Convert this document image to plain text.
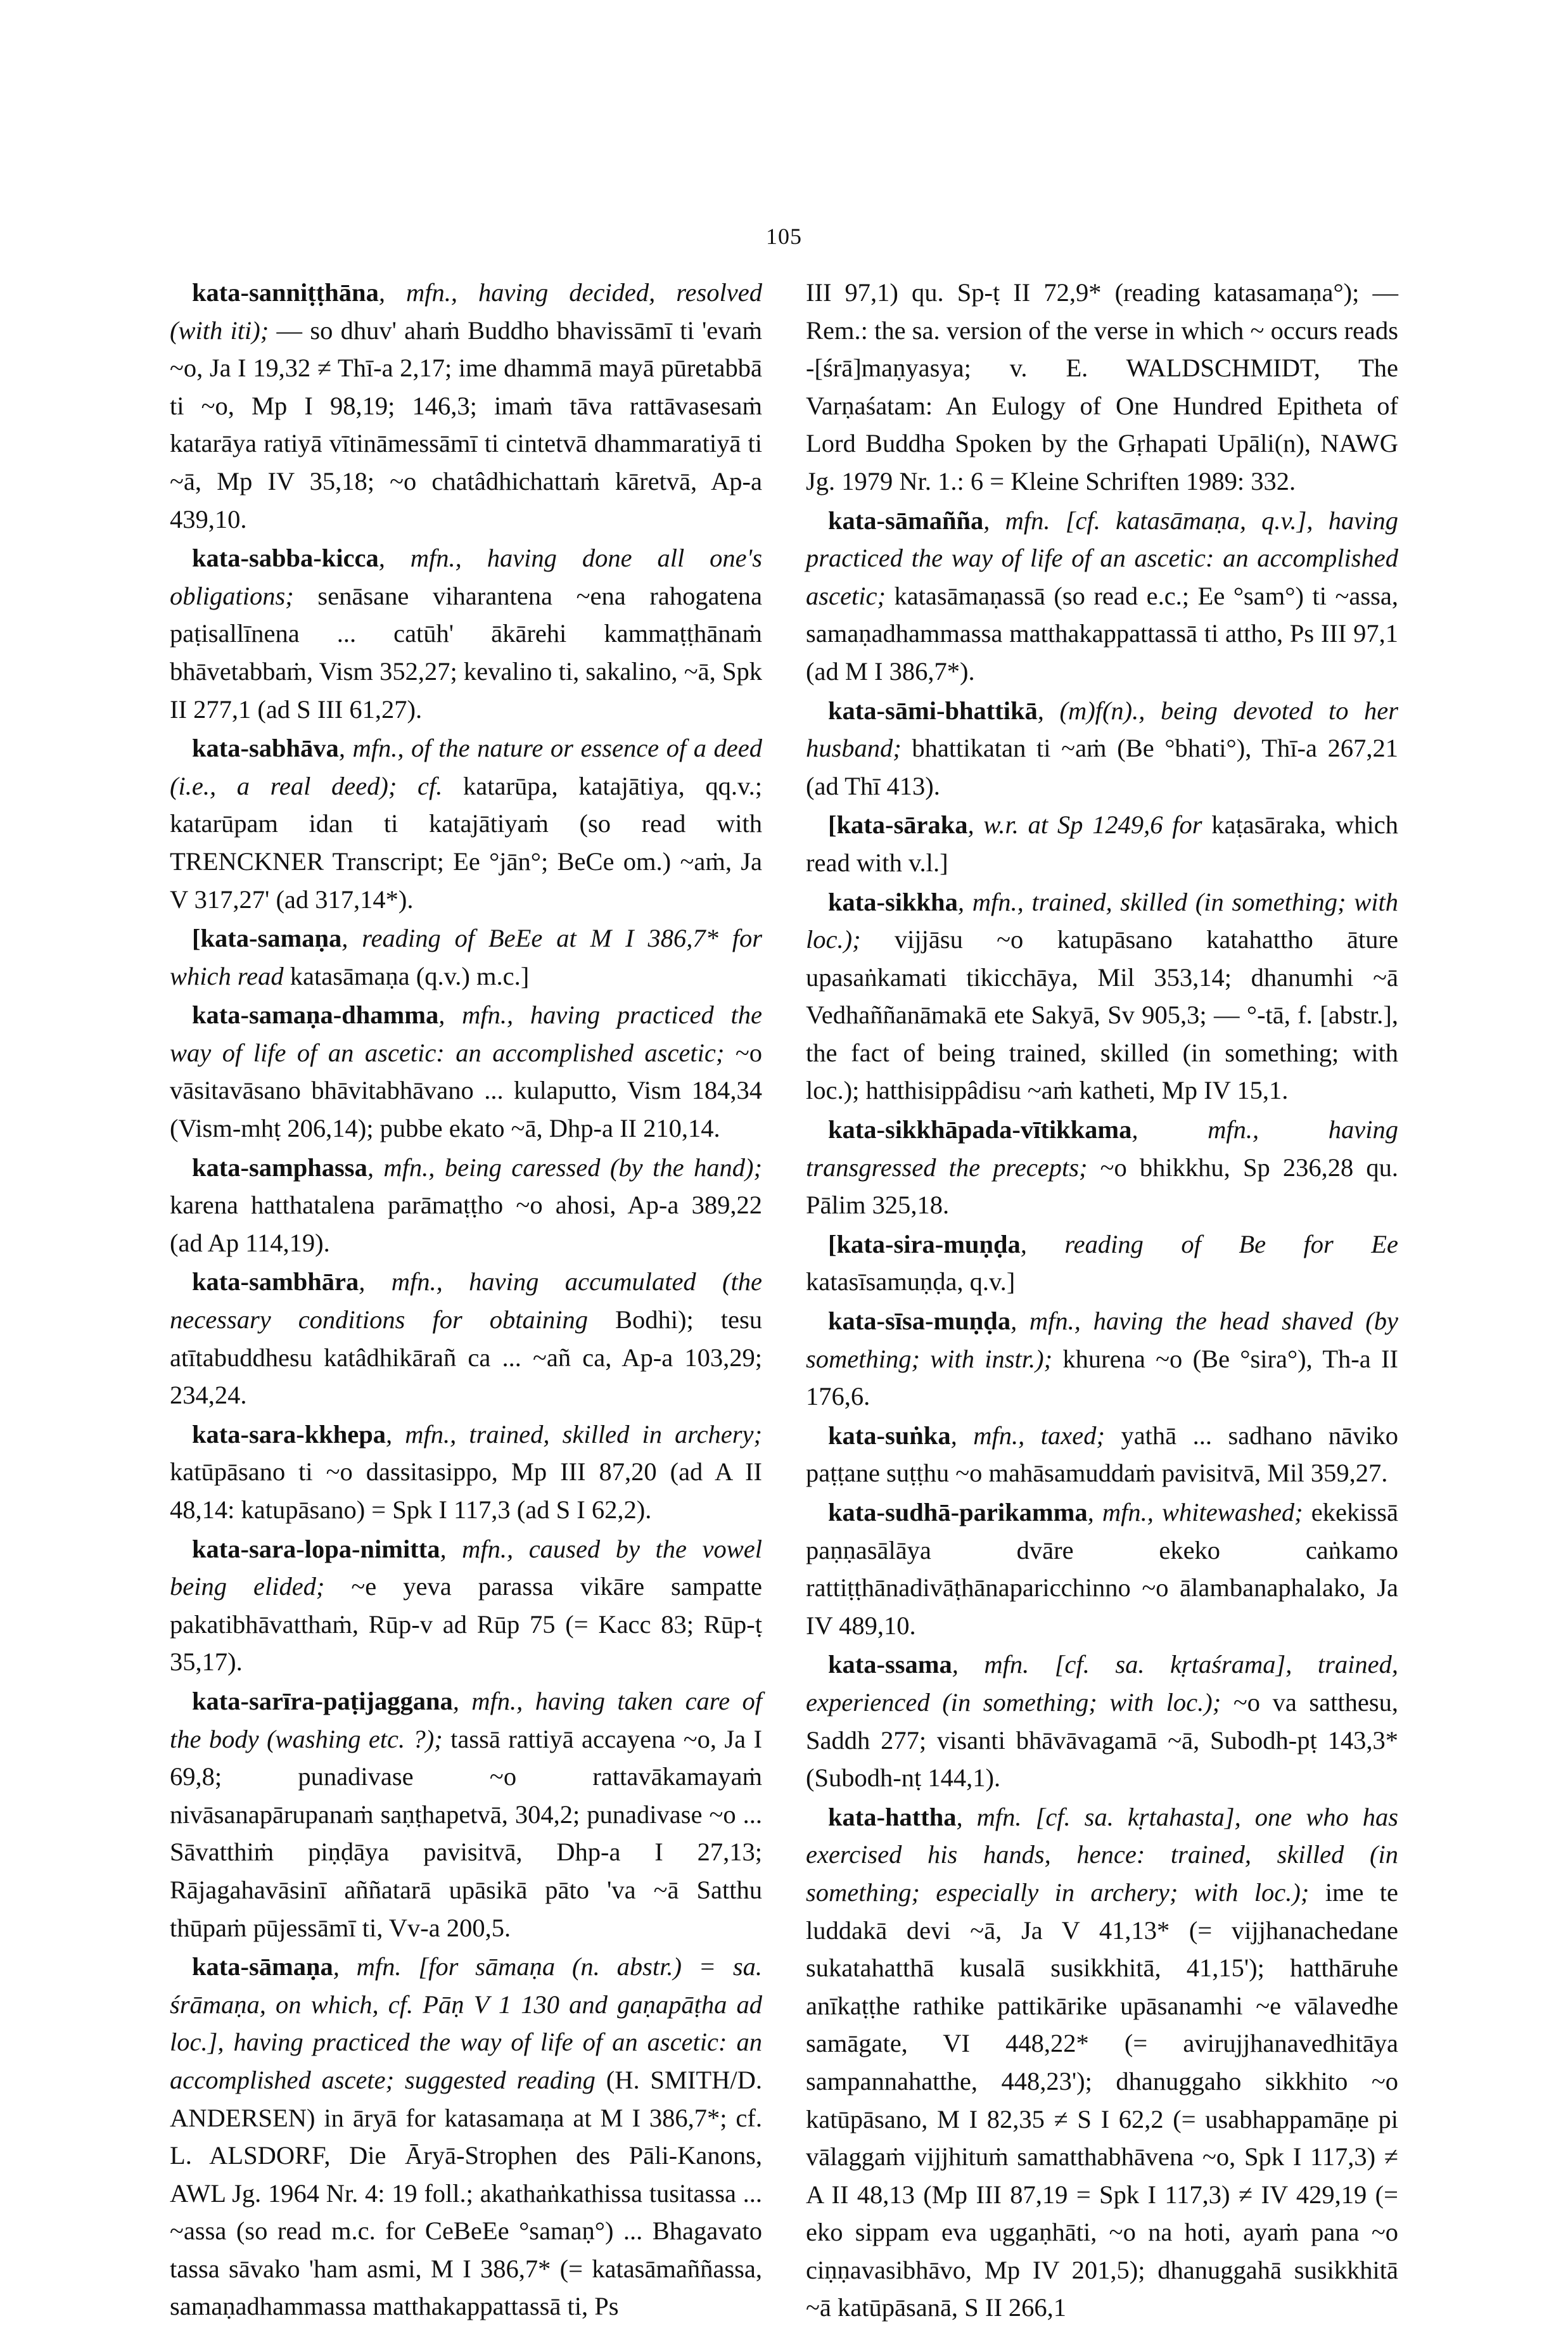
105

kata-sanniṭṭhāna, mfn., having decided, resolved (with iti); — so dhuv' ahaṁ Buddho bhavissāmī ti 'evaṁ ~o, Ja I 19,32 ≠ Thī-a 2,17; ime dhammā mayā pūretabbā ti ~o, Mp I 98,19; 146,3; imaṁ tāva rattāvasesaṁ katarāya ratiyā vītināmessāmī ti cintetvā dhammaratiyā ti ~ā, Mp IV 35,18; ~o chatâdhichattaṁ kāretvā, Ap-a 439,10.

kata-sabba-kicca, mfn., having done all one's obligations; senāsane viharantena ~ena rahogatena paṭisallīnena ... catūh' ākārehi kammaṭṭhānaṁ bhāvetabbaṁ, Vism 352,27; kevalino ti, sakalino, ~ā, Spk II 277,1 (ad S III 61,27).

kata-sabhāva, mfn., of the nature or essence of a deed (i.e., a real deed); cf. katarūpa, katajātiya, qq.v.; katarūpam idan ti katajātiyaṁ (so read with TRENCKNER Transcript; Ee °jān°; BeCe om.) ~aṁ, Ja V 317,27' (ad 317,14*).

[kata-samaṇa, reading of BeEe at M I 386,7* for which read katasāmaṇa (q.v.) m.c.]

kata-samaṇa-dhamma, mfn., having practiced the way of life of an ascetic: an accomplished ascetic; ~o vāsitavāsano bhāvitabhāvano ... kulaputto, Vism 184,34 (Vism-mhṭ 206,14); pubbe ekato ~ā, Dhp-a II 210,14.

kata-samphassa, mfn., being caressed (by the hand); karena hatthatalena parāmaṭṭho ~o ahosi, Ap-a 389,22 (ad Ap 114,19).

kata-sambhāra, mfn., having accumulated (the necessary conditions for obtaining Bodhi); tesu atītabuddhesu katâdhikārañ ca ... ~añ ca, Ap-a 103,29; 234,24.

kata-sara-kkhepa, mfn., trained, skilled in archery; katūpāsano ti ~o dassitasippo, Mp III 87,20 (ad A II 48,14: katupāsano) = Spk I 117,3 (ad S I 62,2).

kata-sara-lopa-nimitta, mfn., caused by the vowel being elided; ~e yeva parassa vikāre sampatte pakatibhāvatthaṁ, Rūp-v ad Rūp 75 (= Kacc 83; Rūp-ṭ 35,17).

kata-sarīra-paṭijaggana, mfn., having taken care of the body (washing etc. ?); tassā rattiyā accayena ~o, Ja I 69,8; punadivase ~o rattavākamayaṁ nivāsanapārupanaṁ saṇṭhapetvā, 304,2; punadivase ~o ... Sāvatthiṁ piṇḍāya pavisitvā, Dhp-a I 27,13; Rājagahavāsinī aññatarā upāsikā pāto 'va ~ā Satthu thūpaṁ pūjessāmī ti, Vv-a 200,5.

kata-sāmaṇa, mfn. [for sāmaṇa (n. abstr.) = sa. śrāmaṇa, on which, cf. Pāṇ V 1 130 and gaṇapāṭha ad loc.], having practiced the way of life of an ascetic: an accomplished ascete; suggested reading (H. SMITH/D. ANDERSEN) in āryā for katasamaṇa at M I 386,7*; cf. L. ALSDORF, Die Āryā-Strophen des Pāli-Kanons, AWL Jg. 1964 Nr. 4: 19 foll.; akathaṅkathissa tusitassa ... ~assa (so read m.c. for CeBeEe °samaṇ°) ... Bhagavato tassa sāvako 'ham asmi, M I 386,7* (= katasāmaññassa, samaṇadhammassa matthakappattassā ti, Ps

III 97,1) qu. Sp-ṭ II 72,9* (reading katasamaṇa°); — Rem.: the sa. version of the verse in which ~ occurs reads -[śrā]maṇyasya; v. E. WALDSCHMIDT, The Varṇaśatam: An Eulogy of One Hundred Epitheta of Lord Buddha Spoken by the Gṛhapati Upāli(n), NAWG Jg. 1979 Nr. 1.: 6 = Kleine Schriften 1989: 332.

kata-sāmañña, mfn. [cf. katasāmaṇa, q.v.], having practiced the way of life of an ascetic: an accomplished ascetic; katasāmaṇassā (so read e.c.; Ee °sam°) ti ~assa, samaṇadhammassa matthakappattassā ti attho, Ps III 97,1 (ad M I 386,7*).

kata-sāmi-bhattikā, (m)f(n)., being devoted to her husband; bhattikatan ti ~aṁ (Be °bhati°), Thī-a 267,21 (ad Thī 413).

[kata-sāraka, w.r. at Sp 1249,6 for kaṭasāraka, which read with v.l.]

kata-sikkha, mfn., trained, skilled (in something; with loc.); vijjāsu ~o katupāsano katahattho āture upasaṅkamati tikicchāya, Mil 353,14; dhanumhi ~ā Vedhaññanāmakā ete Sakyā, Sv 905,3; — °-tā, f. [abstr.], the fact of being trained, skilled (in something; with loc.); hatthisippâdisu ~aṁ katheti, Mp IV 15,1.

kata-sikkhāpada-vītikkama, mfn., having transgressed the precepts; ~o bhikkhu, Sp 236,28 qu. Pālim 325,18.

[kata-sira-muṇḍa, reading of Be for Ee katasīsamuṇḍa, q.v.]

kata-sīsa-muṇḍa, mfn., having the head shaved (by something; with instr.); khurena ~o (Be °sira°), Th-a II 176,6.

kata-suṅka, mfn., taxed; yathā ... sadhano nāviko paṭṭane suṭṭhu ~o mahāsamuddaṁ pavisitvā, Mil 359,27.

kata-sudhā-parikamma, mfn., whitewashed; ekekissā paṇṇasālāya dvāre ekeko caṅkamo rattiṭṭhānadivāṭhānaparicchinno ~o ālambanaphalako, Ja IV 489,10.

kata-ssama, mfn. [cf. sa. kṛtaśrama], trained, experienced (in something; with loc.); ~o va satthesu, Saddh 277; visanti bhāvāvagamā ~ā, Subodh-pṭ 143,3* (Subodh-nṭ 144,1).

kata-hattha, mfn. [cf. sa. kṛtahasta], one who has exercised his hands, hence: trained, skilled (in something; especially in archery; with loc.); ime te luddakā devi ~ā, Ja V 41,13* (= vijjhanachedane sukatahatthā kusalā susikkhitā, 41,15'); hatthāruhe anīkaṭṭhe rathike pattikārike upāsanamhi ~e vālavedhe samāgate, VI 448,22* (= avirujjhanavedhitāya sampannahatthe, 448,23'); dhanuggaho sikkhito ~o katūpāsano, M I 82,35 ≠ S I 62,2 (= usabhappamāṇe pi vālaggaṁ vijjhituṁ samatthabhāvena ~o, Spk I 117,3) ≠ A II 48,13 (Mp III 87,19 = Spk I 117,3) ≠ IV 429,19 (= eko sippam eva uggaṇhāti, ~o na hoti, ayaṁ pana ~o ciṇṇavasibhāvo, Mp IV 201,5); dhanuggahā susikkhitā ~ā katūpāsanā, S II 266,1
